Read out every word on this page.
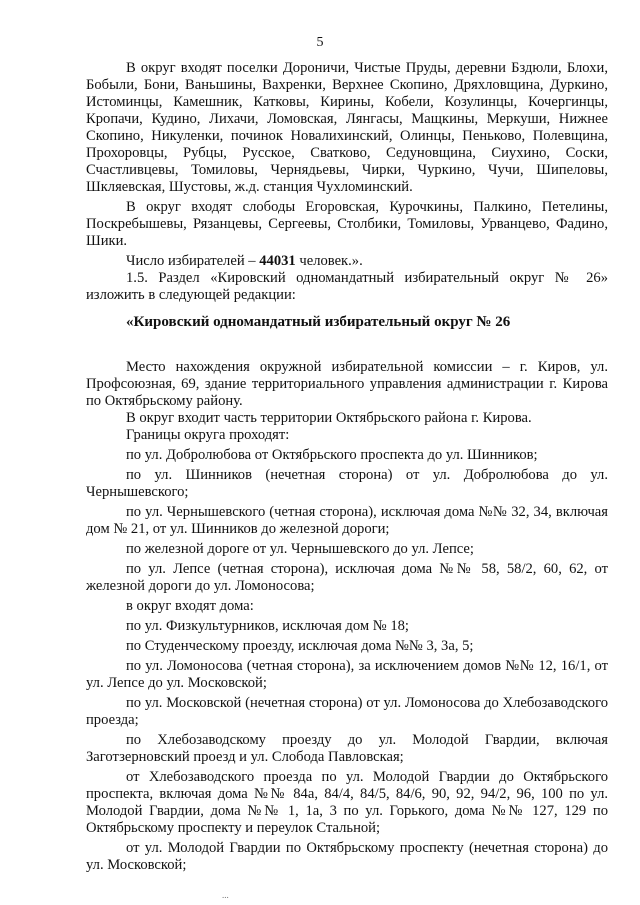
5

В округ входят поселки Дороничи, Чистые Пруды, деревни Бздюли, Блохи, Бобыли, Бони, Ваньшины, Вахренки, Верхнее Скопино, Дряхловщина, Дуркино, Истоминцы, Камешник, Катковы, Кирины, Кобели, Козулинцы, Кочергинцы, Кропачи, Кудино, Лихачи, Ломовская, Лянгасы, Мащкины, Меркуши, Нижнее Скопино, Никуленки, починок Новалихинский, Олинцы, Пеньково, Полевщина, Прохоровцы, Рубцы, Русское, Сватково, Седуновщина, Сиухино, Соски, Счастливцевы, Томиловы, Чернядьевы, Чирки, Чуркино, Чучи, Шипеловы, Шкляевская, Шустовы, ж.д. станция Чухломинский.

В округ входят слободы Егоровская, Курочкины, Палкино, Петелины, Поскребышевы, Рязанцевы, Сергеевы, Столбики, Томиловы, Урванцево, Фадино, Шики.

Число избирателей – 44031 человек.».

1.5. Раздел «Кировский одномандатный избирательный округ № 26» изложить в следующей редакции:

«Кировский одномандатный избирательный округ № 26

Место нахождения окружной избирательной комиссии – г. Киров, ул. Профсоюзная, 69, здание территориального управления администрации г. Кирова по Октябрьскому району.

В округ входит часть территории Октябрьского района г. Кирова.

Границы округа проходят:

по ул. Добролюбова от Октябрьского проспекта до ул. Шинников;

по ул. Шинников (нечетная сторона) от ул. Добролюбова до ул. Чернышевского;

по ул. Чернышевского (четная сторона), исключая дома №№ 32, 34, включая дом № 21, от ул. Шинников до железной дороги;

по железной дороге от ул. Чернышевского до ул. Лепсе;

по ул. Лепсе (четная сторона), исключая дома №№ 58, 58/2, 60, 62, от железной дороги до ул. Ломоносова;

в округ входят дома:

по ул. Физкультурников, исключая дом № 18;

по Студенческому проезду, исключая дома №№ 3, 3а, 5;

по ул. Ломоносова (четная сторона), за исключением домов №№ 12, 16/1, от ул. Лепсе до ул. Московской;

по ул. Московской (нечетная сторона) от ул. Ломоносова до Хлебозаводского проезда;

по Хлебозаводскому проезду до ул. Молодой Гвардии, включая Заготзерновский проезд и ул. Слобода Павловская;

от Хлебозаводского проезда по ул. Молодой Гвардии до Октябрьского проспекта, включая дома №№ 84а, 84/4, 84/5, 84/6, 90, 92, 94/2, 96, 100 по ул. Молодой Гвардии, дома №№ 1, 1а, 3 по ул. Горького, дома №№ 127, 129 по Октябрьскому проспекту и переулок Стальной;

от ул. Молодой Гвардии по Октябрьскому проспекту (нечетная сторона) до ул. Московской;

...
